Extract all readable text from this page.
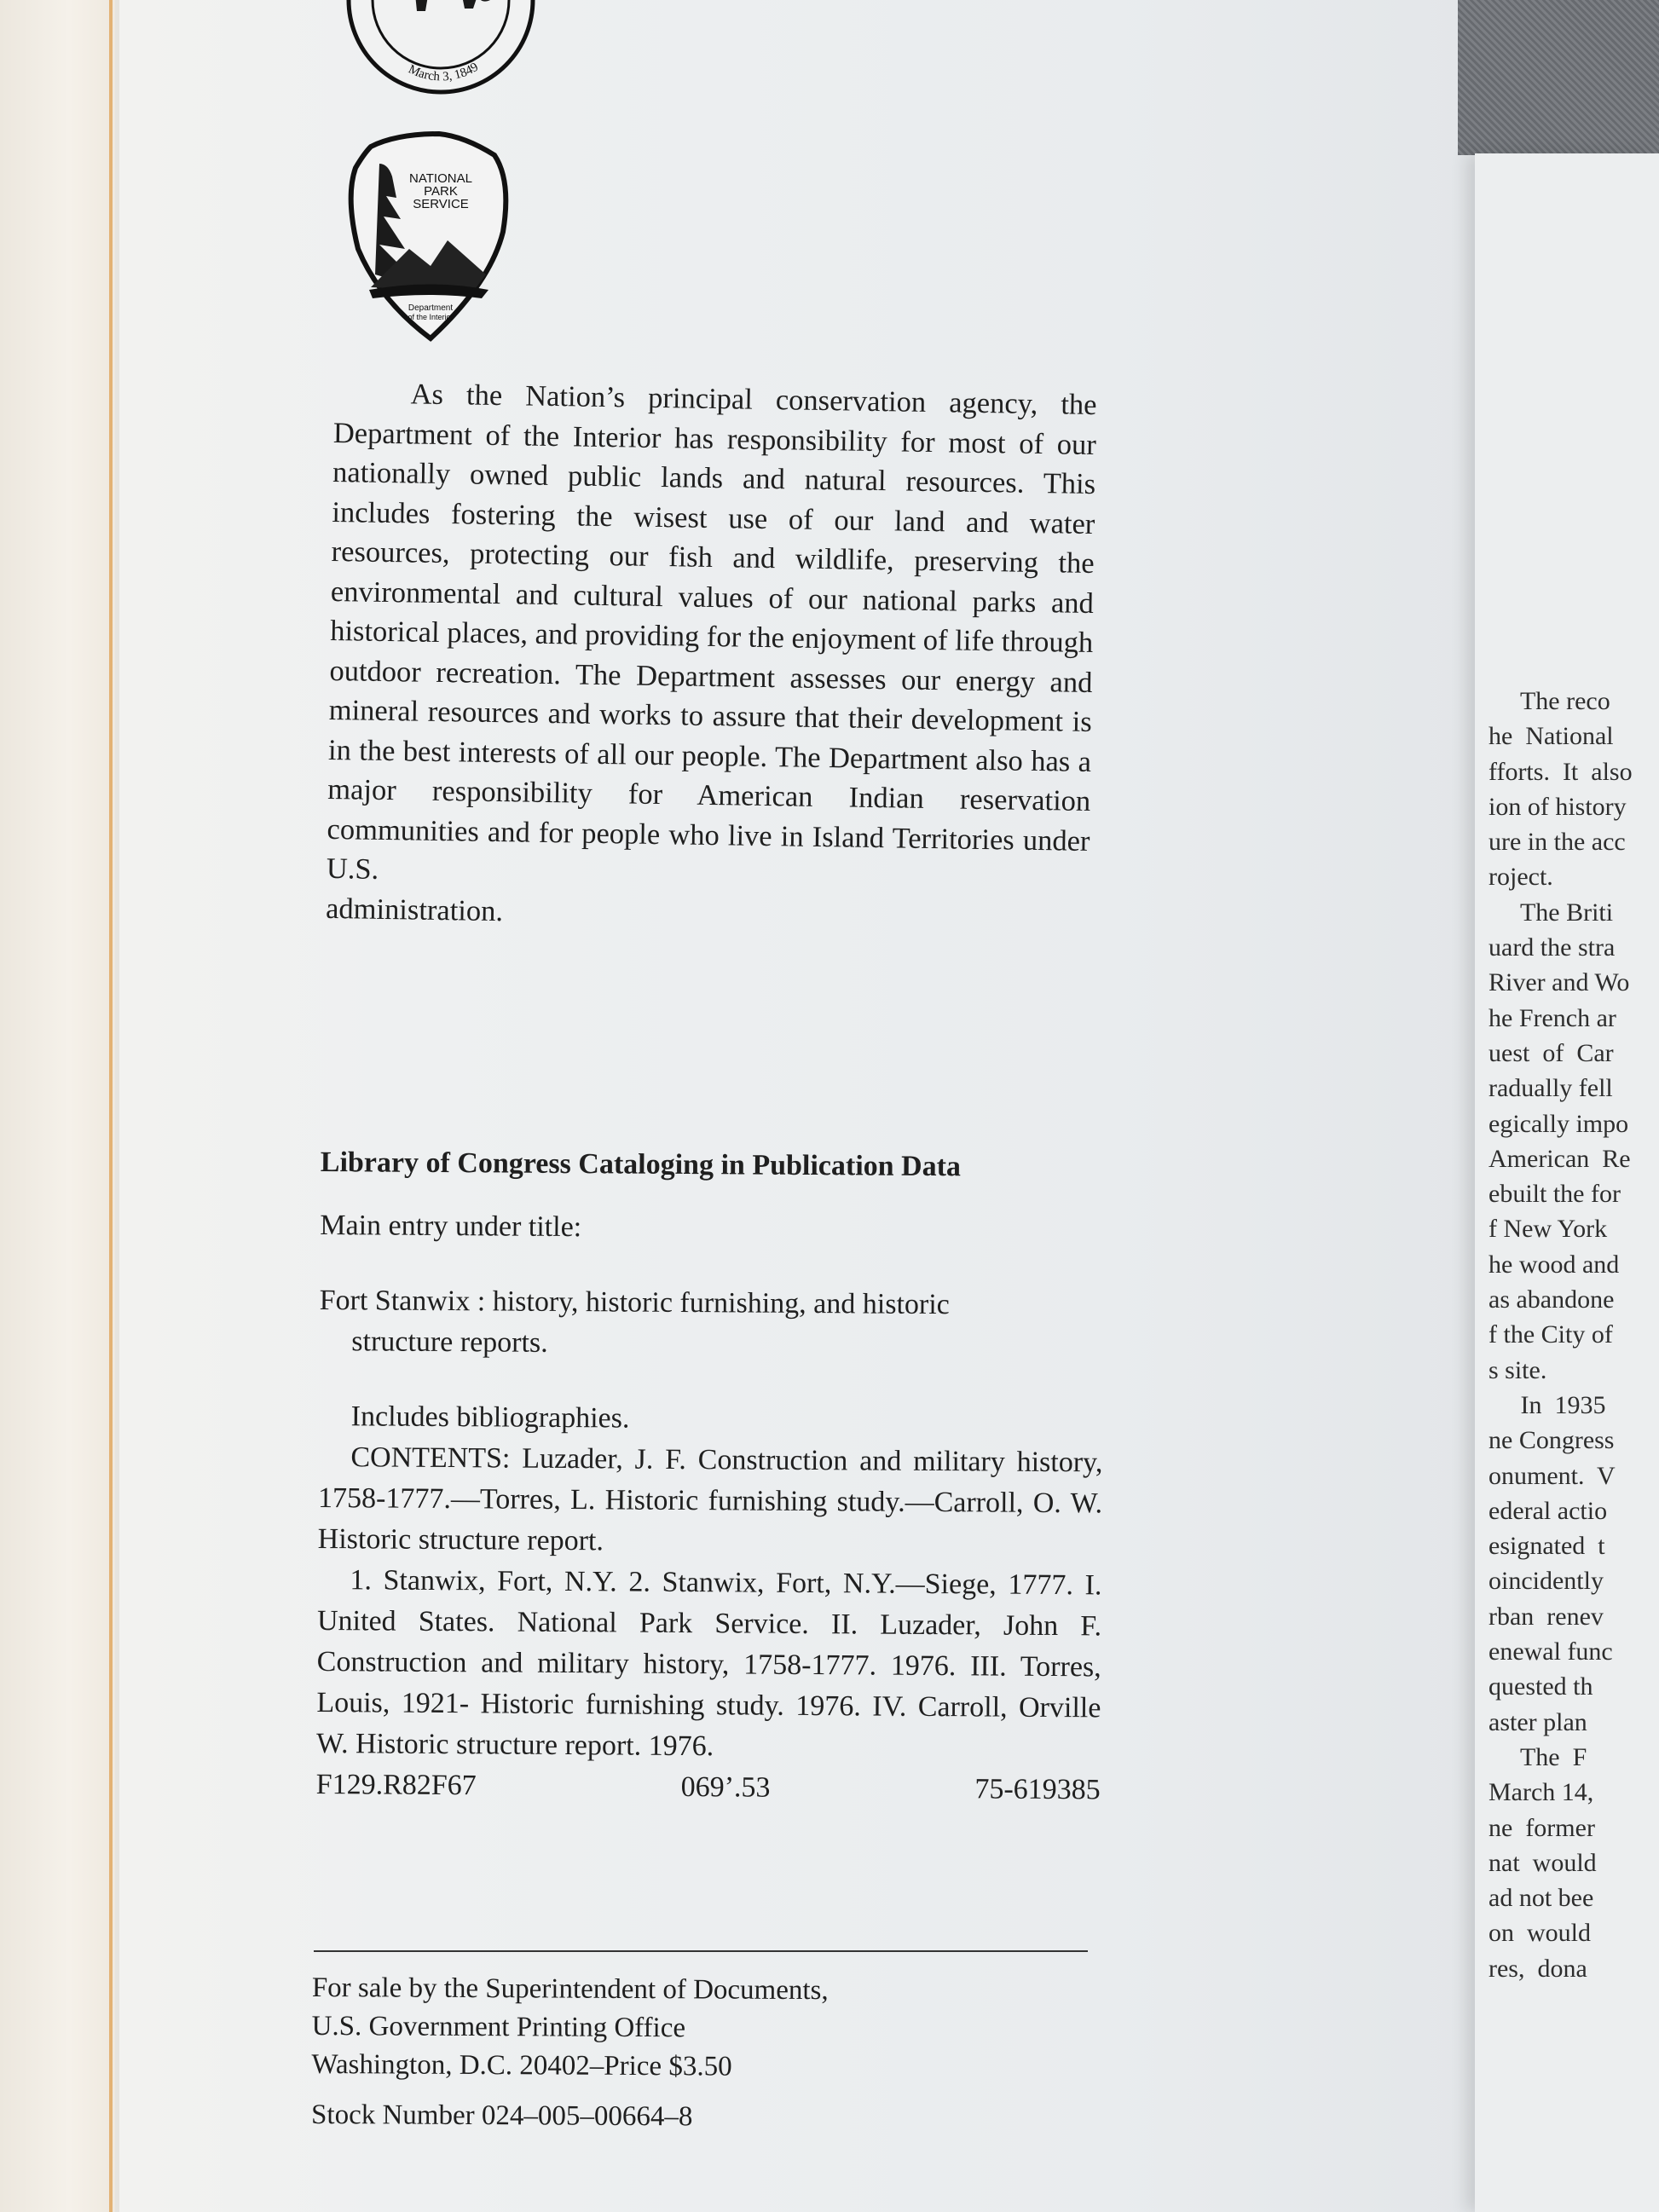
The reco
he  National
fforts.  It  also
ion of history
ure in the acc
roject.
The Briti
uard the stra
River and Wo
he French ar
uest  of  Car
radually fell
egically impo
American  Re
ebuilt the for
f New York
he wood and
as abandone
f the City of
s site.
In  1935
ne Congress
onument.  V
ederal actio
esignated  t
oincidently
rban  renev
enewal func
quested th
aster plan
The  F
March 14,
ne  former
nat  would
ad not bee
on  would
res,  dona
March 3, 1849
NATIONAL
PARK
SERVICE
Department
of the Interior

As the Nation’s principal conservation agency, the Department of the Interior has responsibility for most of our nationally owned public lands and natural resources. This includes fostering the wisest use of our land and water resources, protecting our fish and wildlife, preserving the environmental and cultural values of our national parks and historical places, and providing for the enjoyment of life through outdoor recreation. The Department assesses our energy and mineral resources and works to assure that their development is in the best interests of all our people. The Department also has a major responsibility for American Indian reservation communities and for people who live in Island Territories under U.S.

administration.

Library of Congress Cataloging in Publication Data

Main entry under title:

Fort Stanwix : history, historic furnishing, and historic
structure reports.

Includes bibliographies.

CONTENTS: Luzader, J. F. Construction and military history, 1758-1777.—Torres, L. Historic furnishing study.—Carroll, O. W. Historic structure report.

1. Stanwix, Fort, N.Y. 2. Stanwix, Fort, N.Y.—Siege, 1777. I. United States. National Park Service. II. Luzader, John F. Construction and military history, 1758-1777. 1976. III. Torres, Louis, 1921- Historic furnishing study. 1976. IV. Carroll, Orville W. Historic structure report. 1976.

F129.R82F67	069’.53	75-619385

For sale by the Superintendent of Documents,

U.S. Government Printing Office

Washington, D.C. 20402–Price $3.50

Stock Number 024–005–00664–8
